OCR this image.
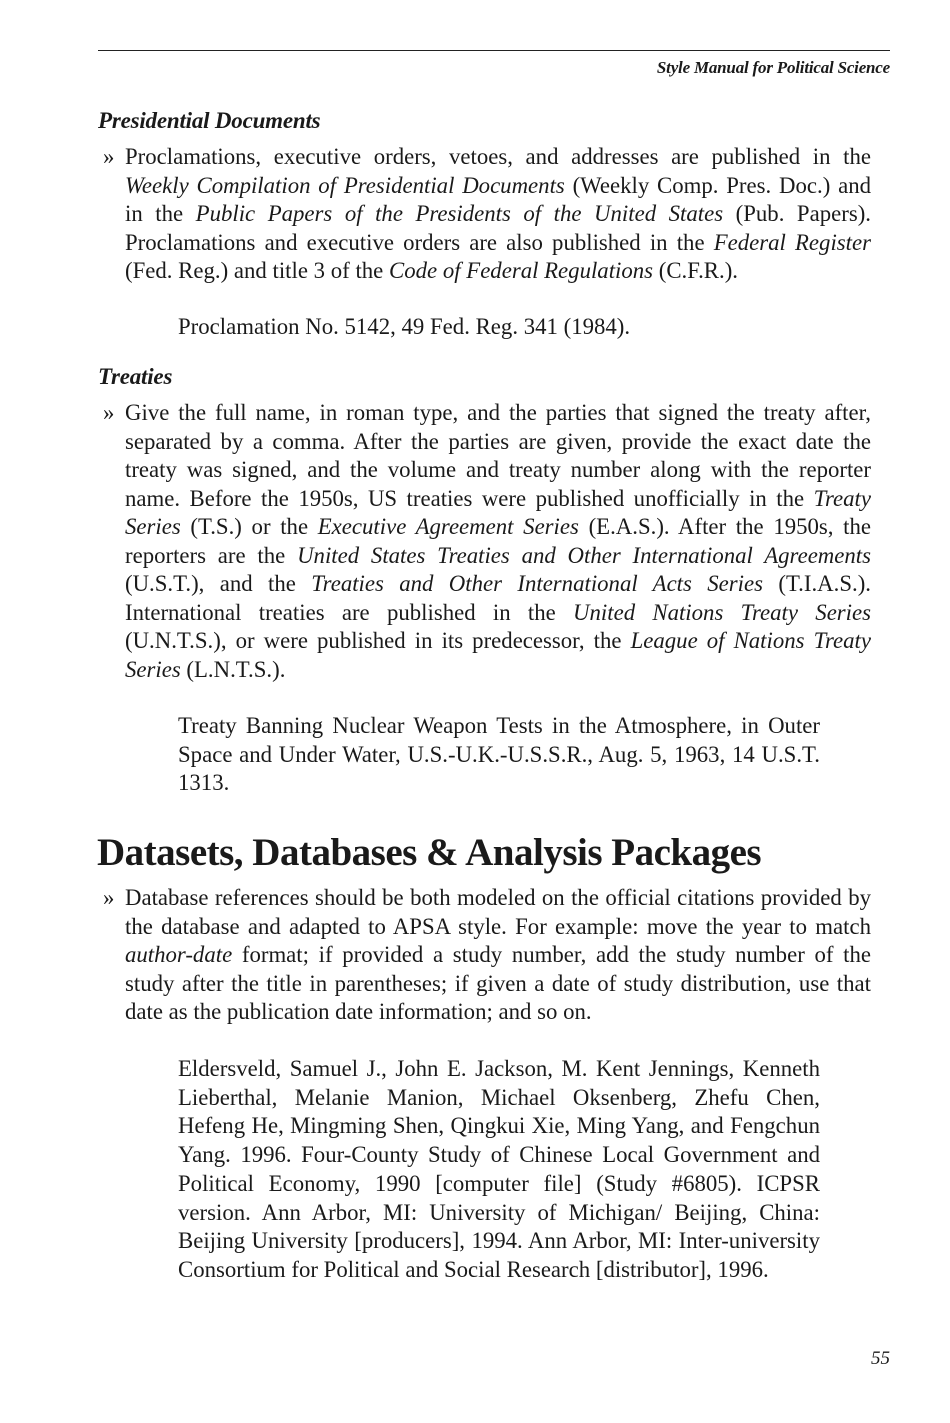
Style Manual for Political Science
Presidential Documents
» Proclamations, executive orders, vetoes, and addresses are published in the Weekly Compilation of Presidential Documents (Weekly Comp. Pres. Doc.) and in the Public Papers of the Presidents of the United States (Pub. Papers). Proclamations and executive orders are also published in the Federal Register (Fed. Reg.) and title 3 of the Code of Federal Regulations (C.F.R.).
Proclamation No. 5142, 49 Fed. Reg. 341 (1984).
Treaties
» Give the full name, in roman type, and the parties that signed the treaty after, separated by a comma. After the parties are given, provide the exact date the treaty was signed, and the volume and treaty number along with the reporter name. Before the 1950s, US treaties were published unofficially in the Treaty Series (T.S.) or the Executive Agreement Series (E.A.S.). After the 1950s, the reporters are the United States Treaties and Other International Agreements (U.S.T.), and the Treaties and Other International Acts Series (T.I.A.S.). International treaties are published in the United Nations Treaty Series (U.N.T.S.), or were published in its predecessor, the League of Nations Treaty Series (L.N.T.S.).
Treaty Banning Nuclear Weapon Tests in the Atmosphere, in Outer Space and Under Water, U.S.-U.K.-U.S.S.R., Aug. 5, 1963, 14 U.S.T. 1313.
Datasets, Databases & Analysis Packages
» Database references should be both modeled on the official citations provided by the database and adapted to APSA style. For example: move the year to match author-date format; if provided a study number, add the study number of the study after the title in parentheses; if given a date of study distribution, use that date as the publication date information; and so on.
Eldersveld, Samuel J., John E. Jackson, M. Kent Jennings, Kenneth Lieberthal, Melanie Manion, Michael Oksenberg, Zhefu Chen, Hefeng He, Mingming Shen, Qingkui Xie, Ming Yang, and Fengchun Yang. 1996. Four-County Study of Chinese Local Government and Political Economy, 1990 [computer file] (Study #6805). ICPSR version. Ann Arbor, MI: University of Michigan/ Beijing, China: Beijing University [producers], 1994. Ann Arbor, MI: Inter-university Consortium for Political and Social Research [distributor], 1996.
55
